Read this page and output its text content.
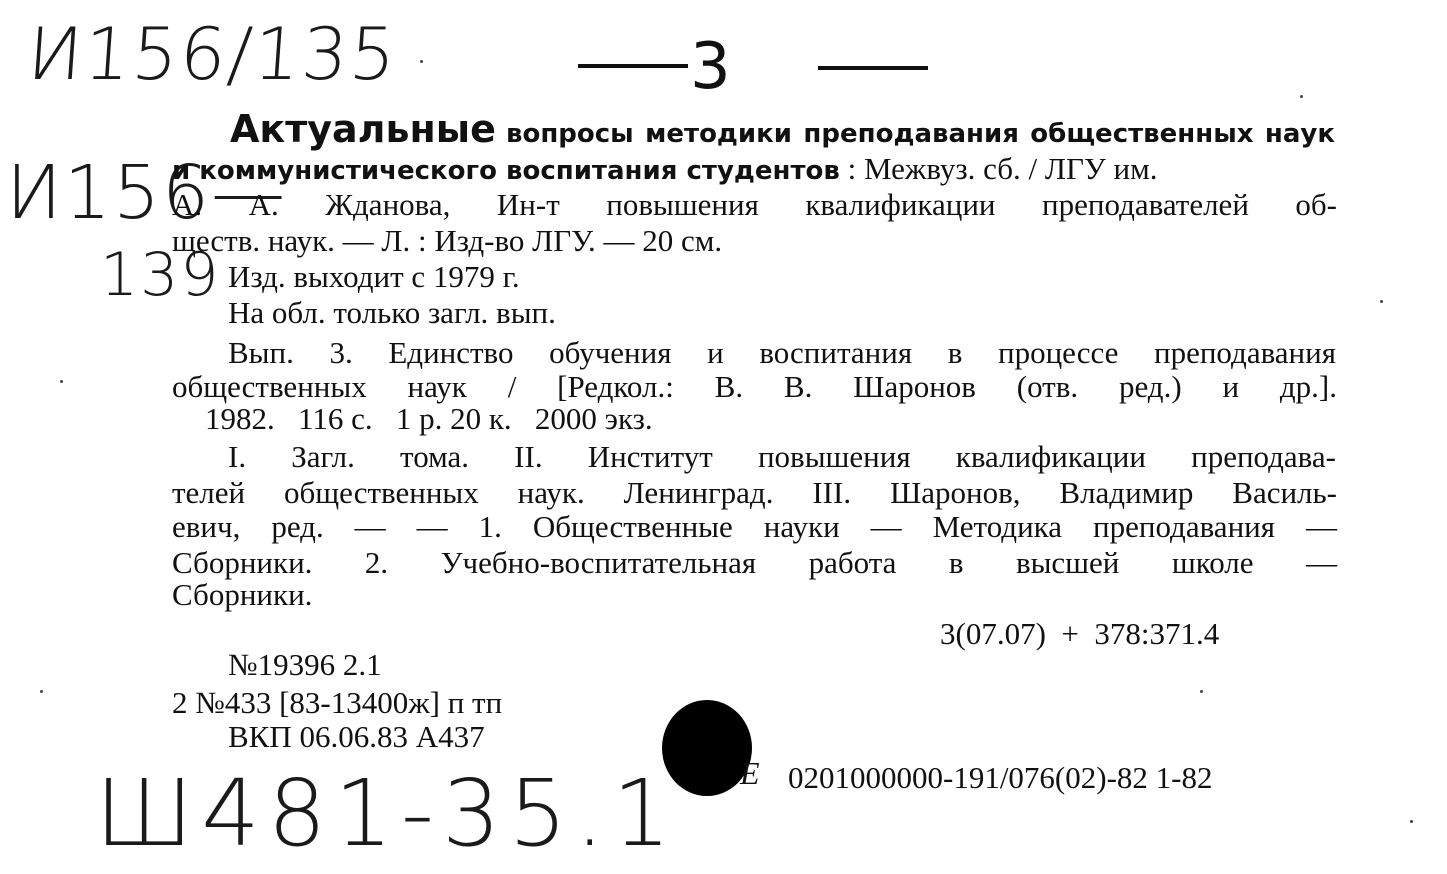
И156/135
И156—
139
3
Актуальные вопросы методики преподавания общественных наук
и коммунистического воспитания студентов : Межвуз. сб. / ЛГУ им.
А. А. Жданова, Ин-т повышения квалификации преподавателей об-
ществ. наук. — Л. : Изд-во ЛГУ. — 20 см.
Изд. выходит с 1979 г.
На обл. только загл. вып.
Вып. 3. Единство обучения и воспитания в процессе преподавания
общественных наук / [Редкол.: В. В. Шаронов (отв. ред.) и др.].
1982.   116 с.   1 р. 20 к.   2000 экз.
I. Загл. тома. II. Институт повышения квалификации преподава-
телей общественных наук. Ленинград. III. Шаронов, Владимир Василь-
евич, ред. — — 1. Общественные науки — Методика преподавания —
Сборники. 2. Учебно-воспитательная работа в высшей школе —
Сборники.
3(07.07)  +  378:371.4
№19396 2.1
2 №433 [83-13400ж] п тп
ВКП 06.06.83 А437
Е 0201000000-191/076(02)-82 1-82
Ш481-35.1
